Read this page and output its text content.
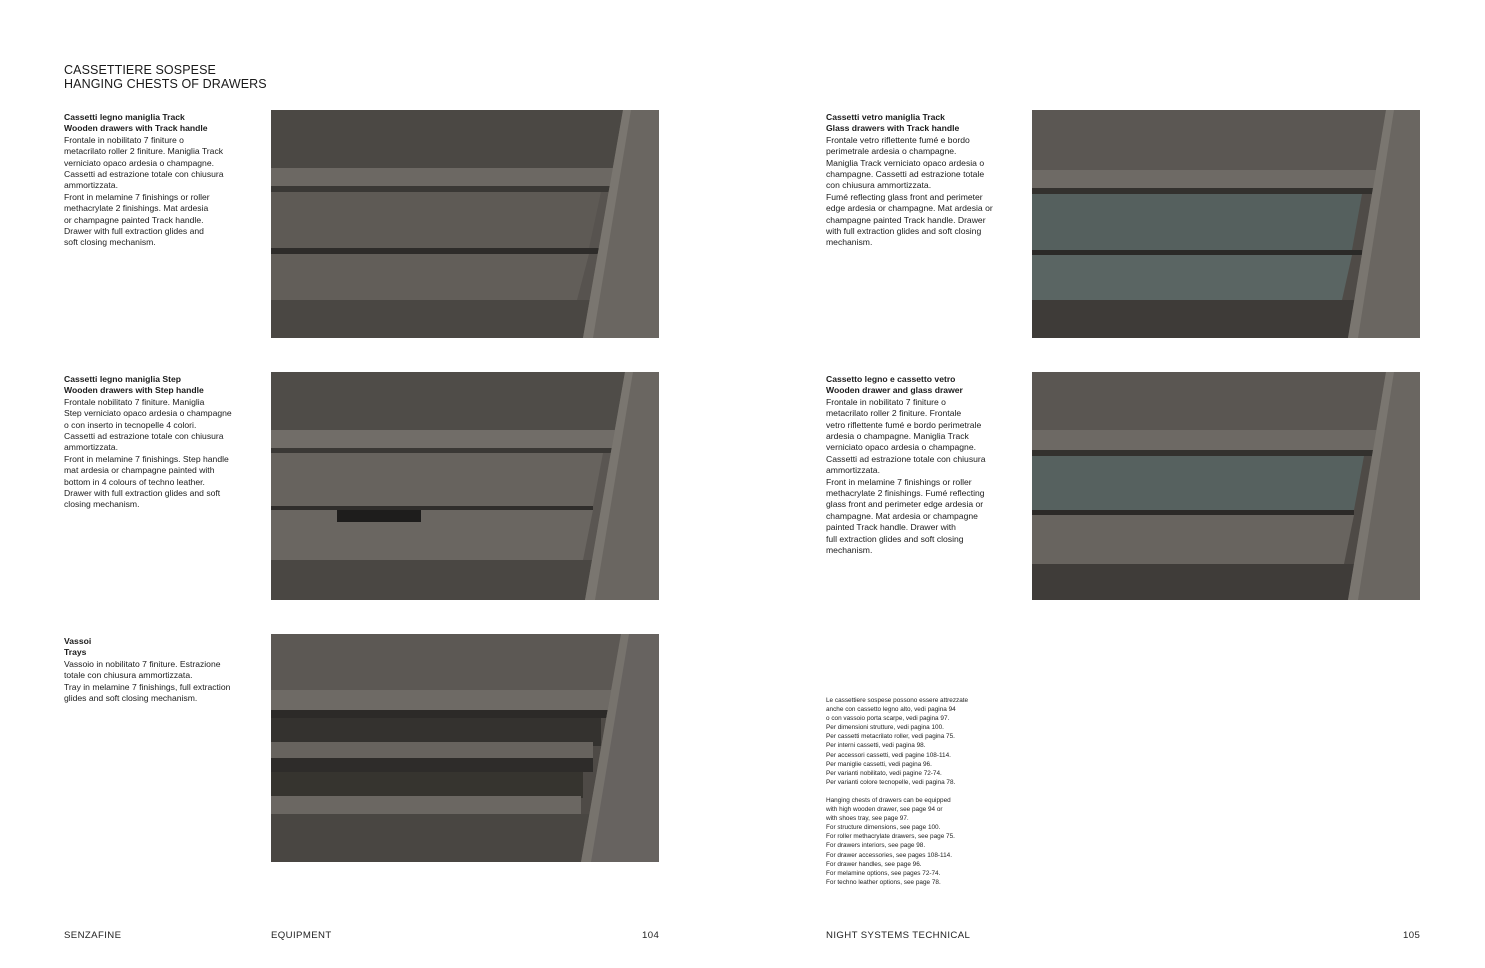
CASSETTIERE SOSPESE
HANGING CHESTS OF DRAWERS
Cassetti legno maniglia Track
Wooden drawers with Track handle
Frontale in nobilitato 7 finiture o
metacrilato roller 2 finiture. Maniglia Track
verniciato opaco ardesia o champagne.
Cassetti ad estrazione totale con chiusura
ammortizzata.
Front in melamine 7 finishings or roller
methacrylate 2 finishings. Mat ardesia
or champagne painted Track handle.
Drawer with full extraction glides and
soft closing mechanism.
Cassetti legno maniglia Step
Wooden drawers with Step handle
Frontale nobilitato 7 finiture. Maniglia
Step verniciato opaco ardesia o champagne
o con inserto in tecnopelle 4 colori.
Cassetti ad estrazione totale con chiusura
ammortizzata.
Front in melamine 7 finishings. Step handle
mat ardesia or champagne painted with
bottom in 4 colours of techno leather.
Drawer with full extraction glides and soft
closing mechanism.
Vassoi
Trays
Vassoio in nobilitato 7 finiture. Estrazione
totale con chiusura ammortizzata.
Tray in melamine 7 finishings, full extraction
glides and soft closing mechanism.
Cassetti vetro maniglia Track
Glass drawers with Track handle
Frontale vetro riflettente fumé e bordo
perimetrale ardesia o champagne.
Maniglia Track verniciato opaco ardesia o
champagne. Cassetti ad estrazione totale
con chiusura ammortizzata.
Fumé reflecting glass front and perimeter
edge ardesia or champagne. Mat ardesia or
champagne painted Track handle. Drawer
with full extraction glides and soft closing
mechanism.
Cassetto legno e cassetto vetro
Wooden drawer and glass drawer
Frontale in nobilitato 7 finiture o
metacrilato roller 2 finiture. Frontale
vetro riflettente fumé e bordo perimetrale
ardesia o champagne. Maniglia Track
verniciato opaco ardesia o champagne.
Cassetti ad estrazione totale con chiusura
ammortizzata.
Front in melamine 7 finishings or roller
methacrylate 2 finishings. Fumé reflecting
glass front and perimeter edge ardesia or
champagne. Mat ardesia or champagne
painted Track handle. Drawer with
full extraction glides and soft closing
mechanism.
Le cassettiere sospese possono essere attrezzate
anche con cassetto legno alto, vedi pagina 94
o con vassoio porta scarpe, vedi pagina 97.
Per dimensioni strutture, vedi pagina 100.
Per cassetti metacrilato roller, vedi pagina 75.
Per interni cassetti, vedi pagina 98.
Per accessori cassetti, vedi pagine 108-114.
Per maniglie cassetti, vedi pagina 96.
Per varianti nobilitato, vedi pagine 72-74.
Per varianti colore tecnopelle, vedi pagina 78.
Hanging chests of drawers can be equipped
with high wooden drawer, see page 94 or
with shoes tray, see page 97.
For structure dimensions, see page 100.
For roller methacrylate drawers, see page 75.
For drawers interiors, see page 98.
For drawer accessories, see pages 108-114.
For drawer handles, see page 96.
For melamine options, see pages 72-74.
For techno leather options, see page 78.
SENZAFINE	EQUIPMENT	104	NIGHT SYSTEMS TECHNICAL	105
